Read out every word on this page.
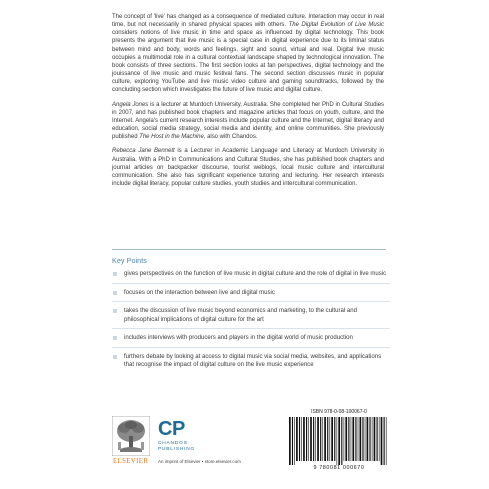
The concept of 'live' has changed as a consequence of mediated culture. Interaction may occur in real time, but not necessarily in shared physical spaces with others. The Digital Evolution of Live Music considers notions of live music in time and space as influenced by digital technology. This book presents the argument that live music is a special case in digital experience due to its liminal status between mind and body, words and feelings, sight and sound, virtual and real. Digital live music occupies a multimodal role in a cultural contextual landscape shaped by technological innovation. The book consists of three sections. The first section looks at fan perspectives, digital technology and the jouissance of live music and music festival fans. The second section discusses music in popular culture, exploring YouTube and live music video culture and gaming soundtracks, followed by the concluding section which investigates the future of live music and digital culture.

Angela Jones is a lecturer at Murdoch University, Australia. She completed her PhD in Cultural Studies in 2007, and has published book chapters and magazine articles that focus on youth, culture, and the Internet. Angela's current research interests include popular culture and the Internet, digital literacy and education, social media strategy, social media and identity, and online communities. She previously published The Host in the Machine, also with Chandos.

Rebecca Jane Bennett is a Lecturer in Academic Language and Literacy at Murdoch University in Australia. With a PhD in Communications and Cultural Studies, she has published book chapters and journal articles on backpacker discourse, tourist weblogs, local music culture and intercultural communication. She also has significant experience tutoring and lecturing. Her research interests include digital literacy, popular culture studies, youth studies and intercultural communication.

Key Points
gives perspectives on the function of live music in digital culture and the role of digital in live music
focuses on the interaction between live and digital music
takes the discussion of live music beyond economics and marketing, to the cultural and philosophical implications of digital culture for the art
includes interviews with producers and players in the digital world of music production
furthers debate by looking at access to digital music via social media, websites, and applications that recognise the impact of digital culture on the live music experience
ELSEVIER
CP
CHANDOS
PUBLISHING
An imprint of Elsevier • store.elsevier.com
ISBN 978-0-08-100067-0
9 780081 000670
